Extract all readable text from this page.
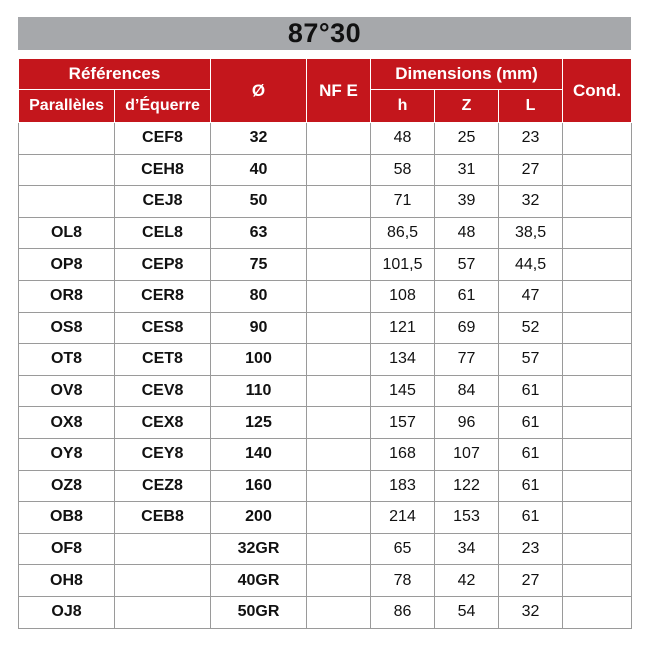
87°30
Références		Ø	NF E	Dimensions (mm)			Cond.
Parallèles	d’Équerre			h	Z	L	
	CEF8	32		48	25	23	
	CEH8	40		58	31	27	
	CEJ8	50		71	39	32	
OL8	CEL8	63		86,5	48	38,5	
OP8	CEP8	75		101,5	57	44,5	
OR8	CER8	80		108	61	47	
OS8	CES8	90		121	69	52	
OT8	CET8	100		134	77	57	
OV8	CEV8	110		145	84	61	
OX8	CEX8	125		157	96	61	
OY8	CEY8	140		168	107	61	
OZ8	CEZ8	160		183	122	61	
OB8	CEB8	200		214	153	61	
OF8		32GR		65	34	23	
OH8		40GR		78	42	27	
OJ8		50GR		86	54	32	
